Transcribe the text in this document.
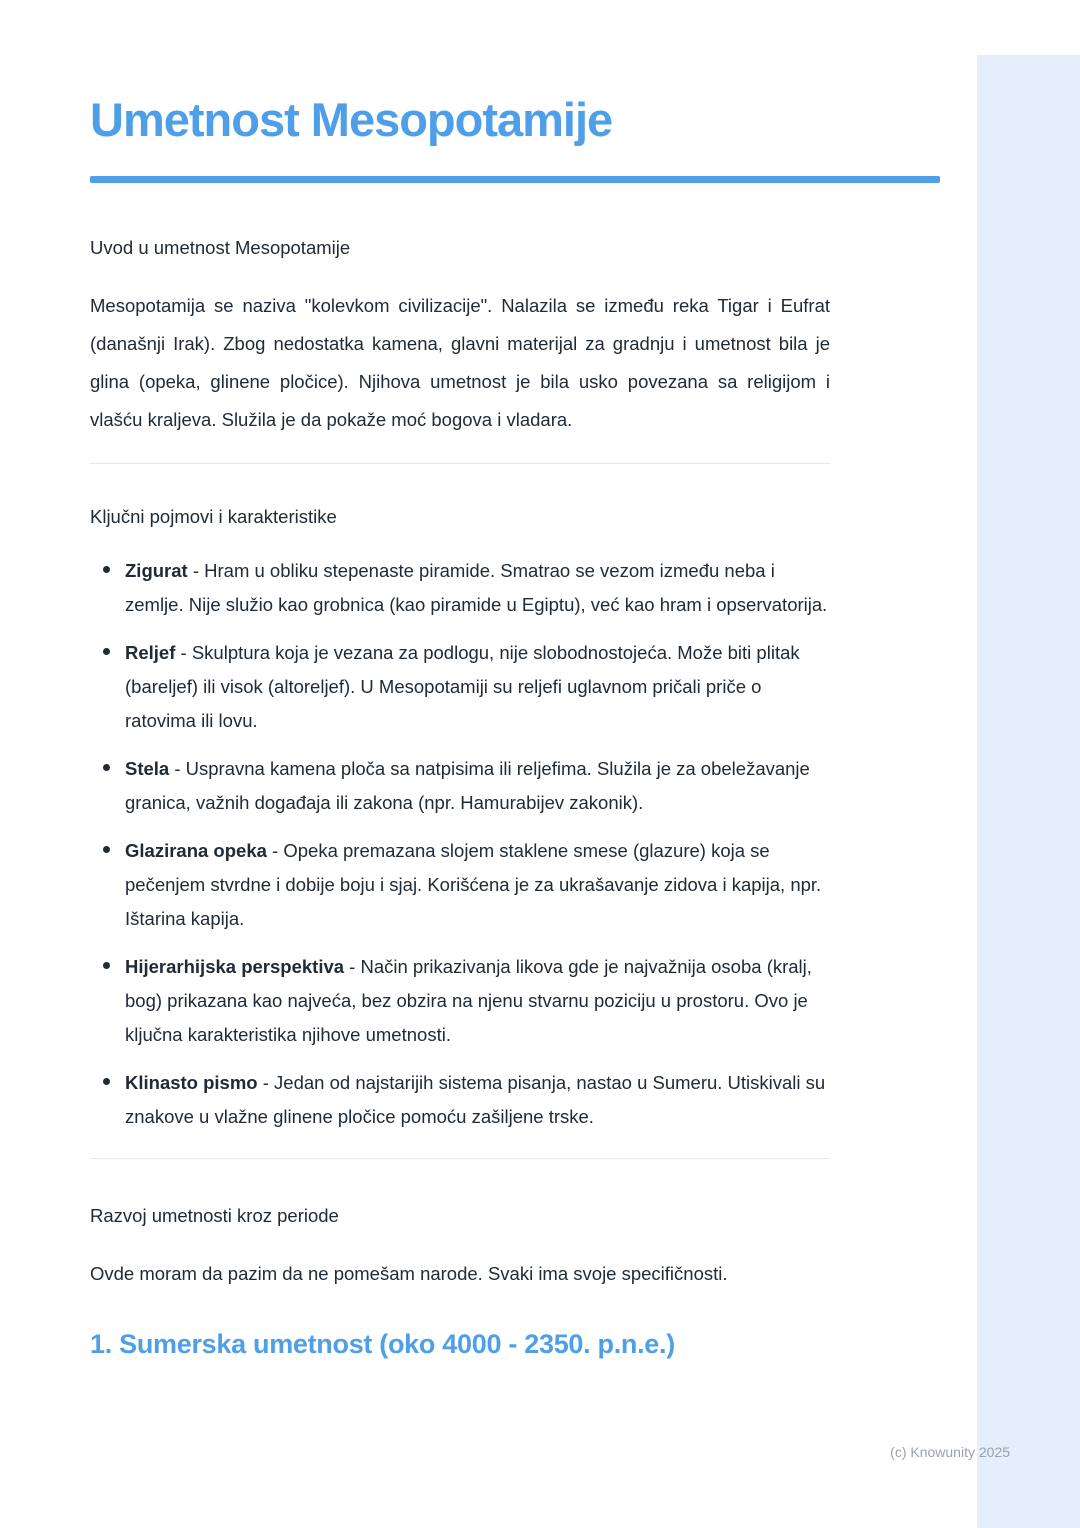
Umetnost Mesopotamije
Uvod u umetnost Mesopotamije

Mesopotamija se naziva "kolevkom civilizacije". Nalazila se između reka Tigar i Eufrat (današnji Irak). Zbog nedostatka kamena, glavni materijal za gradnju i umetnost bila je glina (opeka, glinene pločice). Njihova umetnost je bila usko povezana sa religijom i vlašću kraljeva. Služila je da pokaže moć bogova i vladara.

Ključni pojmovi i karakteristike
Zigurat - Hram u obliku stepenaste piramide. Smatrao se vezom između neba i zemlje. Nije služio kao grobnica (kao piramide u Egiptu), već kao hram i opservatorija.
Reljef - Skulptura koja je vezana za podlogu, nije slobodnostojeća. Može biti plitak (bareljef) ili visok (altoreljef). U Mesopotamiji su reljefi uglavnom pričali priče o ratovima ili lovu.
Stela - Uspravna kamena ploča sa natpisima ili reljefima. Služila je za obeležavanje granica, važnih događaja ili zakona (npr. Hamurabijev zakonik).
Glazirana opeka - Opeka premazana slojem staklene smese (glazure) koja se pečenjem stvrdne i dobije boju i sjaj. Korišćena je za ukrašavanje zidova i kapija, npr. Ištarina kapija.
Hijerarhijska perspektiva - Način prikazivanja likova gde je najvažnija osoba (kralj, bog) prikazana kao najveća, bez obzira na njenu stvarnu poziciju u prostoru. Ovo je ključna karakteristika njihove umetnosti.
Klinasto pismo - Jedan od najstarijih sistema pisanja, nastao u Sumeru. Utiskivali su znakove u vlažne glinene pločice pomoću zašiljene trske.
Razvoj umetnosti kroz periode

Ovde moram da pazim da ne pomešam narode. Svaki ima svoje specifičnosti.

1. Sumerska umetnost (oko 4000 - 2350. p.n.e.)
(c) Knowunity 2025
